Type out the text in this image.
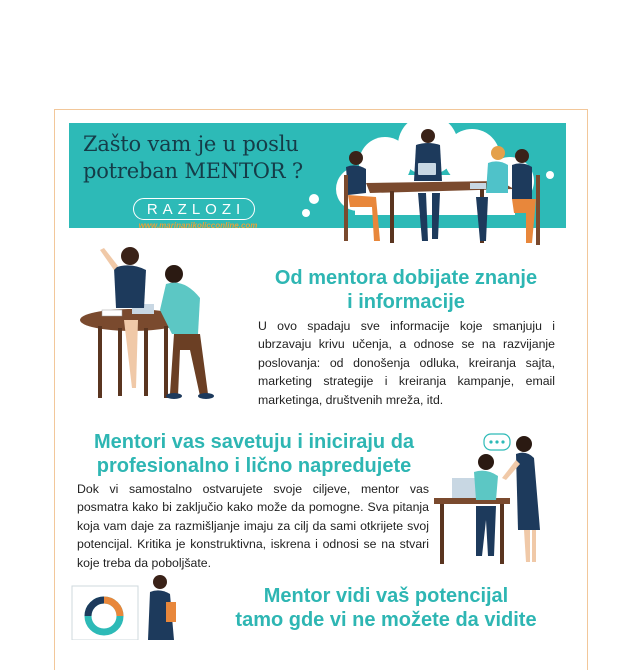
Zašto vam je u poslu
potreban MENTOR ?
RAZLOZI
www.marinanikolicconline.com
Od mentora dobijate znanje
i informacije
U ovo spadaju sve informacije koje smanjuju i ubrzavaju krivu učenja, a odnose se na razvijanje poslovanja: od donošenja odluka, kreiranja sajta, marketing strategije i kreiranja kampanje, email marketinga, društvenih mreža, itd.
Mentori vas savetuju i iniciraju da
profesionalno i lično napredujete
Dok vi samostalno ostvarujete svoje ciljeve, mentor vas posmatra kako bi zaključio kako može da pomogne. Sva pitanja koja vam daje za razmišljanje imaju za cilj da sami otkrijete svoj potencijal. Kritika je konstruktivna, iskrena i odnosi se na stvari koje treba da poboljšate.
Mentor vidi vaš potencijal
tamo gde vi ne možete da vidite
